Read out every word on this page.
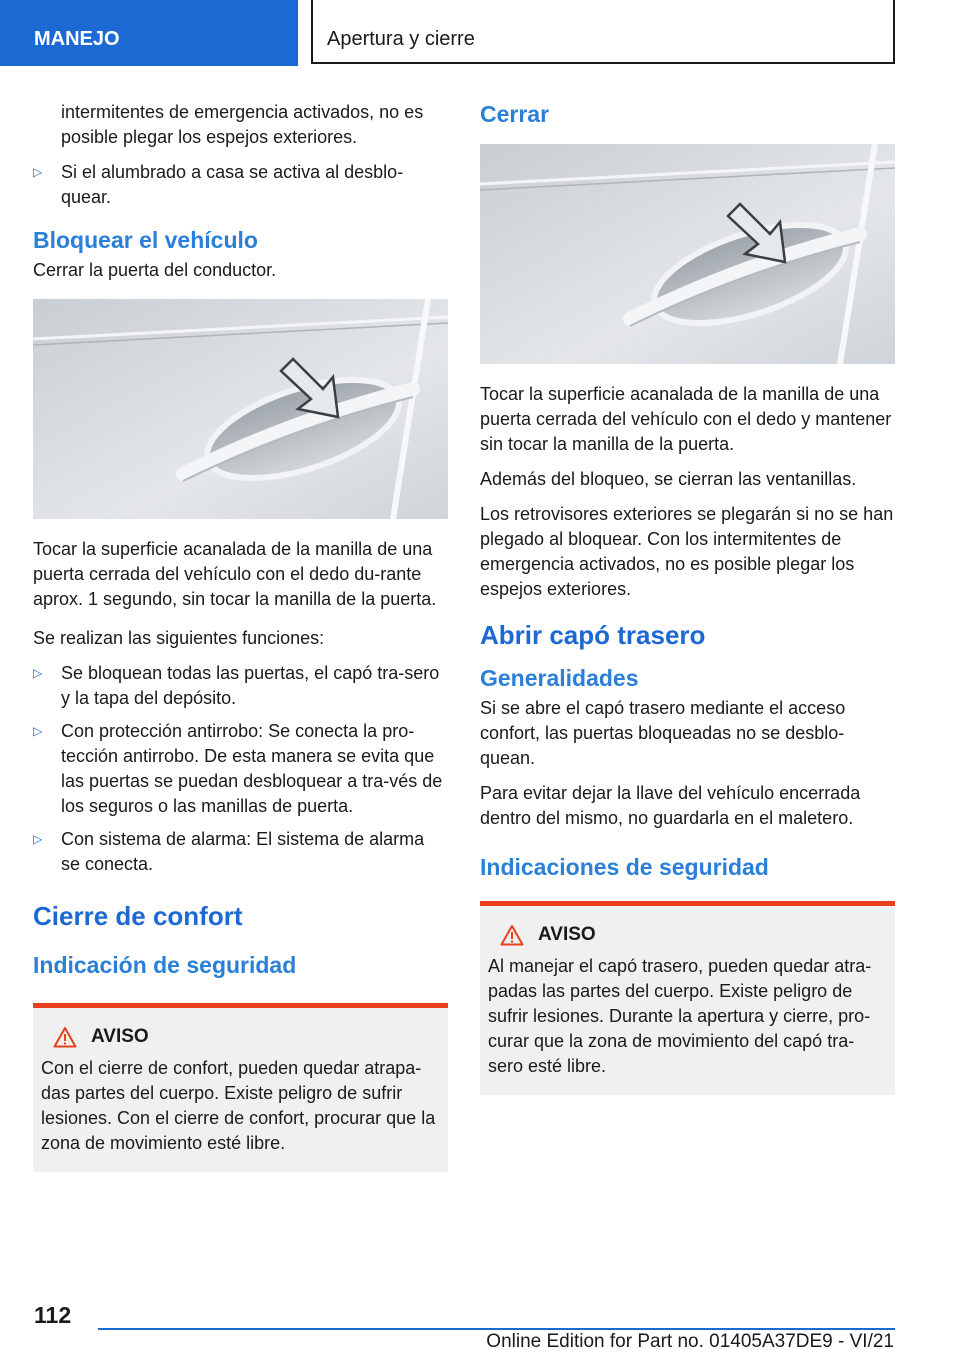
MANEJO	Apertura y cierre

intermitentes de emergencia activados, no es posible plegar los espejos exteriores.

▷ Si el alumbrado a casa se activa al desblo-quear.
Bloquear el vehículo

Cerrar la puerta del conductor.

Tocar la superficie acanalada de la manilla de una puerta cerrada del vehículo con el dedo du-rante aprox. 1 segundo, sin tocar la manilla de la puerta.

Se realizan las siguientes funciones:

▷ Se bloquean todas las puertas, el capó tra-sero y la tapa del depósito.
▷ Con protección antirrobo: Se conecta la pro-tección antirrobo. De esta manera se evita que las puertas se puedan desbloquear a tra-vés de los seguros o las manillas de puerta.
▷ Con sistema de alarma: El sistema de alarma se conecta.
Cierre de confort
Indicación de seguridad
AVISO

Con el cierre de confort, pueden quedar atrapa-das partes del cuerpo. Existe peligro de sufrir lesiones. Con el cierre de confort, procurar que la zona de movimiento esté libre.

Cerrar

Tocar la superficie acanalada de la manilla de una puerta cerrada del vehículo con el dedo y mantener sin tocar la manilla de la puerta.

Además del bloqueo, se cierran las ventanillas.

Los retrovisores exteriores se plegarán si no se han plegado al bloquear. Con los intermitentes de emergencia activados, no es posible plegar los espejos exteriores.

Abrir capó trasero
Generalidades

Si se abre el capó trasero mediante el acceso confort, las puertas bloqueadas no se desblo-quean.

Para evitar dejar la llave del vehículo encerrada dentro del mismo, no guardarla en el maletero.

Indicaciones de seguridad
AVISO

Al manejar el capó trasero, pueden quedar atra-padas las partes del cuerpo. Existe peligro de sufrir lesiones. Durante la apertura y cierre, pro-curar que la zona de movimiento del capó tra-sero esté libre.

112
Online Edition for Part no. 01405A37DE9 - VI/21
